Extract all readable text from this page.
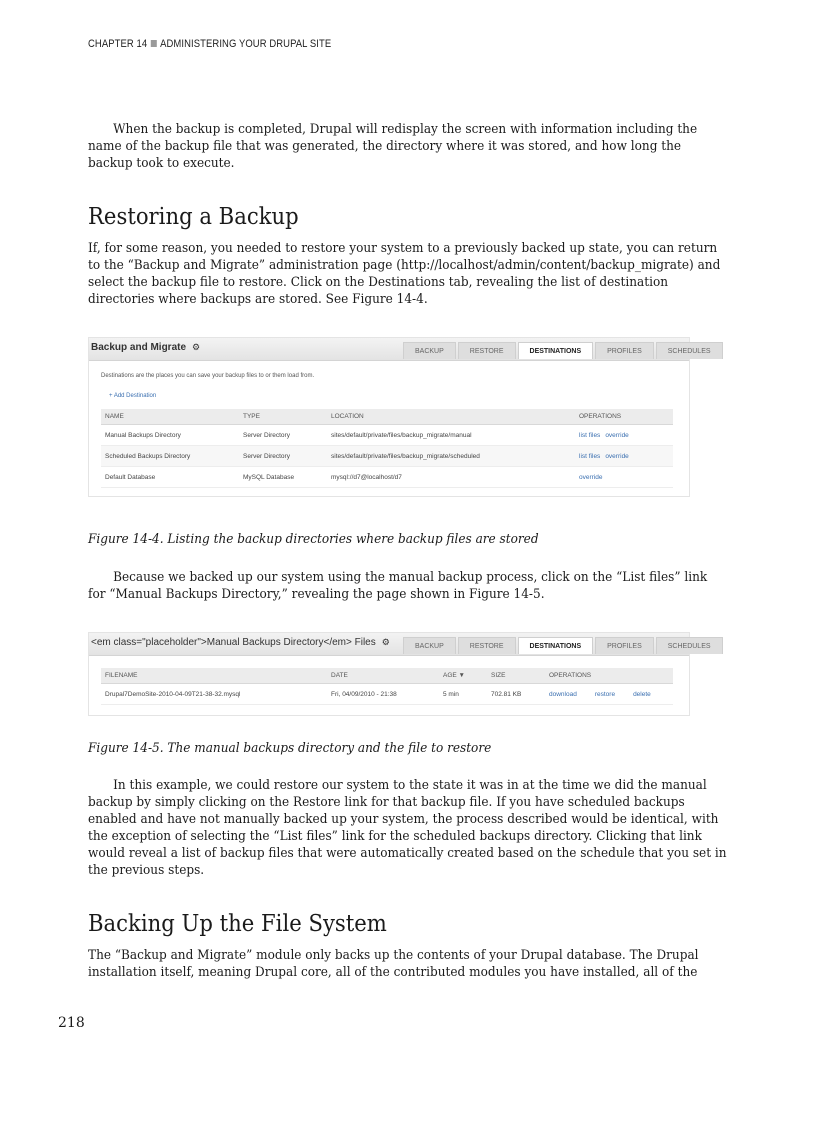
CHAPTER 14 ADMINISTERING YOUR DRUPAL SITE

When the backup is completed, Drupal will redisplay the screen with information including the name of the backup file that was generated, the directory where it was stored, and how long the backup took to execute.

Restoring a Backup

If, for some reason, you needed to restore your system to a previously backed up state, you can return to the “Backup and Migrate” administration page (http://localhost/admin/content/backup_migrate) and select the backup file to restore. Click on the Destinations tab, revealing the list of destination directories where backups are stored. See Figure 14-4.

Backup and Migrate ⚙	BACKUP	RESTORE	DESTINATIONS	PROFILES	SCHEDULES
Destinations are the places you can save your backup files to or them load from.
+ Add Destination
NAME	TYPE	LOCATION	OPERATIONS
Manual Backups Directory	Server Directory	sites/default/private/files/backup_migrate/manual	list files override
Scheduled Backups Directory	Server Directory	sites/default/private/files/backup_migrate/scheduled	list files override
Default Database	MySQL Database	mysql://d7@localhost/d7	override

Figure 14-4. Listing the backup directories where backup files are stored

Because we backed up our system using the manual backup process, click on the “List files” link for “Manual Backups Directory,” revealing the page shown in Figure 14-5.

<em class="placeholder">Manual Backups Directory</em> Files ⚙	BACKUP	RESTORE	DESTINATIONS	PROFILES	SCHEDULES
FILENAME	DATE	AGE ▼	SIZE	OPERATIONS
Drupal7DemoSite-2010-04-09T21-38-32.mysql	Fri, 04/09/2010 - 21:38	5 min	702.81 KB	download restore delete

Figure 14-5. The manual backups directory and the file to restore

In this example, we could restore our system to the state it was in at the time we did the manual backup by simply clicking on the Restore link for that backup file. If you have scheduled backups enabled and have not manually backed up your system, the process described would be identical, with the exception of selecting the “List files” link for the scheduled backups directory. Clicking that link would reveal a list of backup files that were automatically created based on the schedule that you set in the previous steps.

Backing Up the File System

The “Backup and Migrate” module only backs up the contents of your Drupal database. The Drupal installation itself, meaning Drupal core, all of the contributed modules you have installed, all of the

218
